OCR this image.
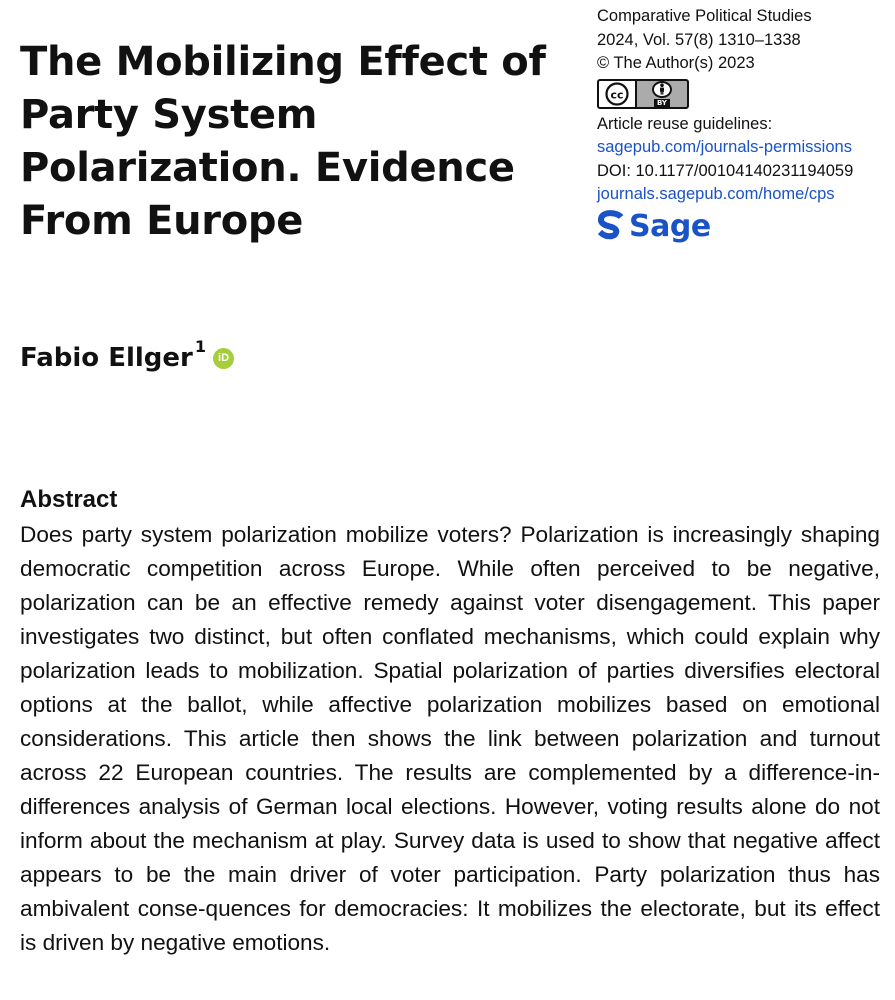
The Mobilizing Effect of Party System Polarization. Evidence From Europe
Comparative Political Studies
2024, Vol. 57(8) 1310–1338
© The Author(s) 2023
cc
BY
Article reuse guidelines:
sagepub.com/journals-permissions
DOI: 10.1177/00104140231194059
journals.sagepub.com/home/cps
Sage
Fabio Ellger$^1$
iD
Abstract

Does party system polarization mobilize voters? Polarization is increasingly shaping democratic competition across Europe. While often perceived to be negative, polarization can be an effective remedy against voter disengagement. This paper investigates two distinct, but often conflated mechanisms, which could explain why polarization leads to mobilization. Spatial polarization of parties diversifies electoral options at the ballot, while affective polarization mobilizes based on emotional considerations. This article then shows the link between polarization and turnout across 22 European countries. The results are complemented by a difference-in-differences analysis of German local elections. However, voting results alone do not inform about the mechanism at play. Survey data is used to show that negative affect appears to be the main driver of voter participation. Party polarization thus has ambivalent conse-quences for democracies: It mobilizes the electorate, but its effect is driven by negative emotions.
